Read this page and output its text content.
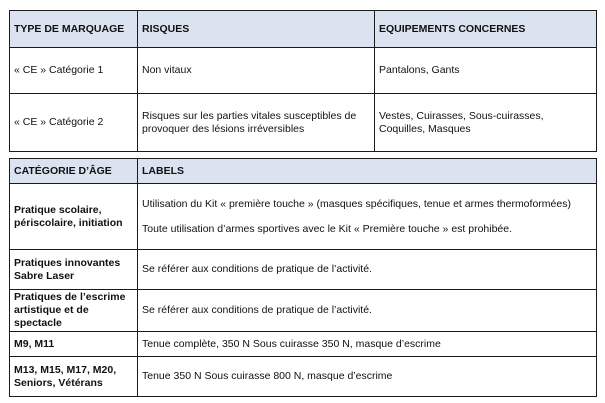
TYPE DE MARQUAGE	RISQUES	EQUIPEMENTS CONCERNES
« CE » Catégorie 1	Non vitaux	Pantalons, Gants
« CE » Catégorie 2	Risques sur les parties vitales susceptibles de provoquer des lésions irréversibles	Vestes, Cuirasses, Sous-cuirasses, Coquilles, Masques
CATÉGORIE D’ÂGE	LABELS
Pratique scolaire, périscolaire, initiation	Utilisation du Kit « première touche » (masques spécifiques, tenue et armes thermoformées)

Toute utilisation d’armes sportives avec le Kit « Première touche » est prohibée.

Pratiques innovantes Sabre Laser	Se référer aux conditions de pratique de l’activité.

Pratiques de l’escrime artistique et de spectacle	Se référer aux conditions de pratique de l’activité.

M9, M11	Tenue complète, 350 N Sous cuirasse 350 N, masque d’escrime

M13, M15, M17, M20, Seniors, Vétérans	Tenue 350 N Sous cuirasse 800 N, masque d’escrime
